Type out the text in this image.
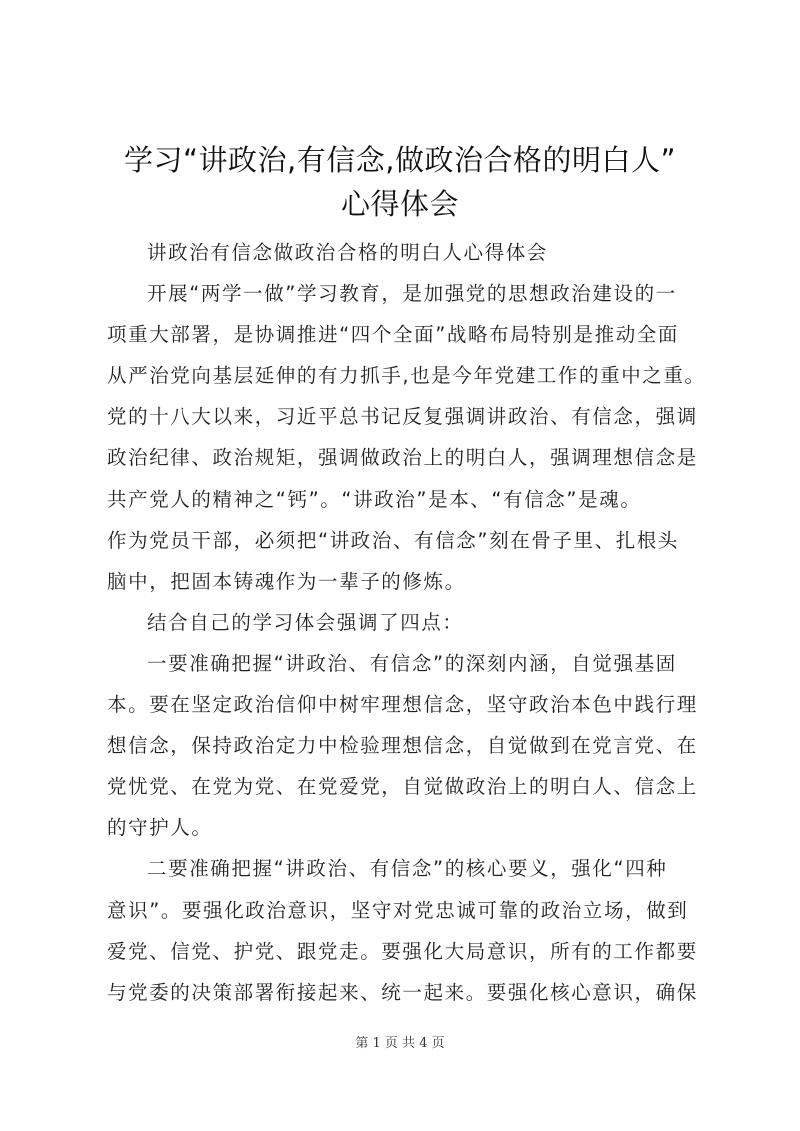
学习“讲政治,有信念,做政治合格的明白人”
心得体会
讲政治有信念做政治合格的明白人心得体会
开展“两学一做”学习教育，是加强党的思想政治建设的一
项重大部署，是协调推进“四个全面”战略布局特别是推动全面
从严治党向基层延伸的有力抓手,也是今年党建工作的重中之重。
党的十八大以来，习近平总书记反复强调讲政治、有信念，强调
政治纪律、政治规矩，强调做政治上的明白人，强调理想信念是
共产党人的精神之“钙”。“讲政治”是本、“有信念”是魂。
作为党员干部，必须把“讲政治、有信念”刻在骨子里、扎根头
脑中，把固本铸魂作为一辈子的修炼。
结合自己的学习体会强调了四点：
一要准确把握“讲政治、有信念”的深刻内涵，自觉强基固
本。要在坚定政治信仰中树牢理想信念，坚守政治本色中践行理
想信念，保持政治定力中检验理想信念，自觉做到在党言党、在
党忧党、在党为党、在党爱党，自觉做政治上的明白人、信念上
的守护人。
二要准确把握“讲政治、有信念”的核心要义，强化“四种
意识”。要强化政治意识，坚守对党忠诚可靠的政治立场，做到
爱党、信党、护党、跟党走。要强化大局意识，所有的工作都要
与党委的决策部署衔接起来、统一起来。要强化核心意识，确保
第 1 页 共 4 页
